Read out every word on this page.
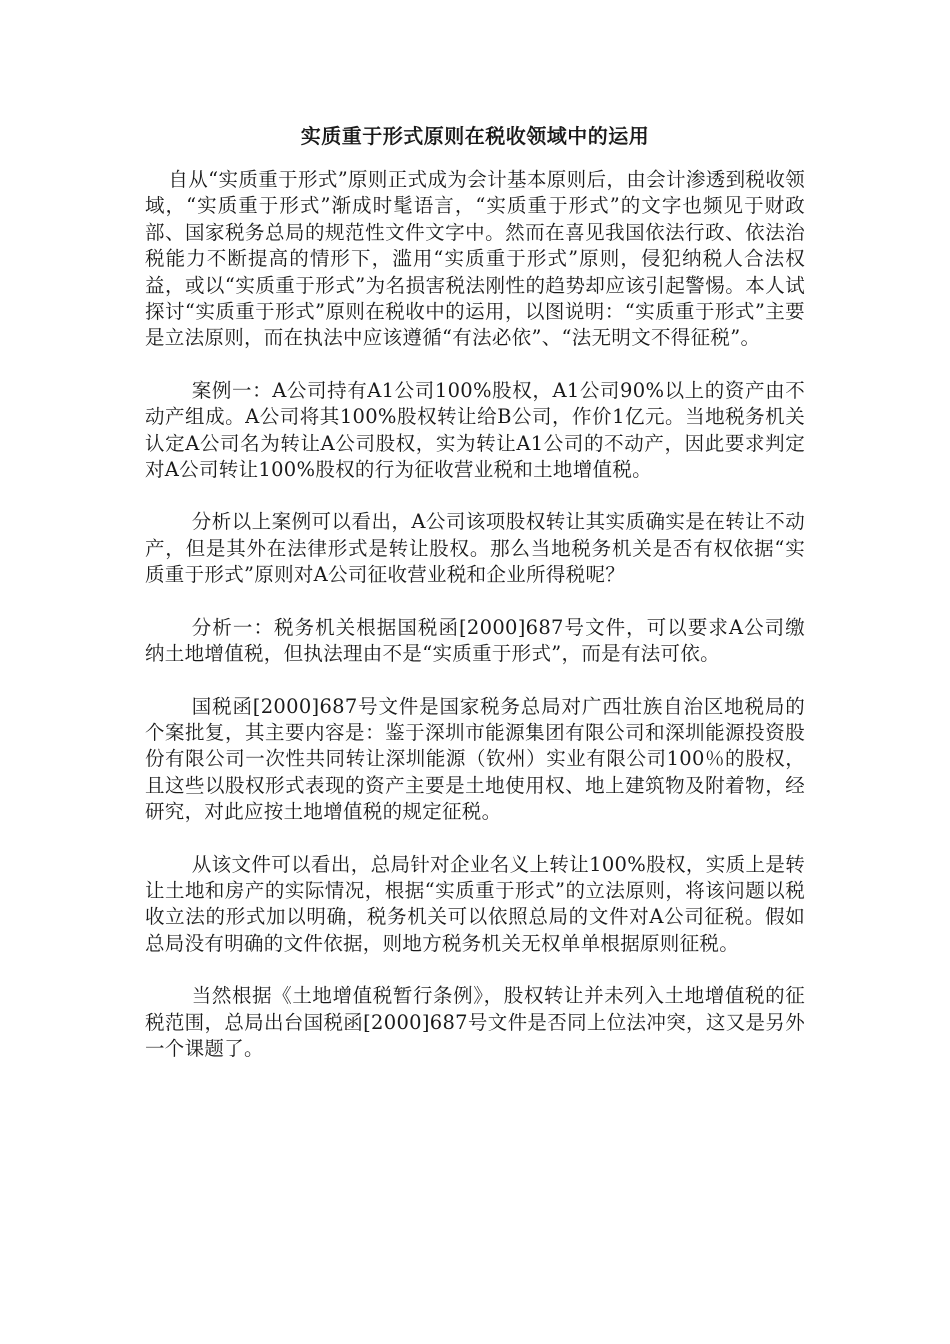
实质重于形式原则在税收领域中的运用

自从“实质重于形式”原则正式成为会计基本原则后，由会计渗透到税收领域，“实质重于形式”渐成时髦语言，“实质重于形式”的文字也频见于财政部、国家税务总局的规范性文件文字中。然而在喜见我国依法行政、依法治税能力不断提高的情形下，滥用“实质重于形式”原则，侵犯纳税人合法权益，或以“实质重于形式”为名损害税法刚性的趋势却应该引起警惕。本人试探讨“实质重于形式”原则在税收中的运用，以图说明：“实质重于形式”主要是立法原则，而在执法中应该遵循“有法必依”、“法无明文不得征税”。

案例一：A公司持有A1公司100%股权，A1公司90%以上的资产由不动产组成。A公司将其100%股权转让给B公司，作价1亿元。当地税务机关认定A公司名为转让A公司股权，实为转让A1公司的不动产，因此要求判定对A公司转让100%股权的行为征收营业税和土地增值税。

分析以上案例可以看出，A公司该项股权转让其实质确实是在转让不动产，但是其外在法律形式是转让股权。那么当地税务机关是否有权依据“实质重于形式”原则对A公司征收营业税和企业所得税呢？

分析一：税务机关根据国税函[2000]687号文件，可以要求A公司缴纳土地增值税，但执法理由不是“实质重于形式”，而是有法可依。

国税函[2000]687号文件是国家税务总局对广西壮族自治区地税局的个案批复，其主要内容是：鉴于深圳市能源集团有限公司和深圳能源投资股份有限公司一次性共同转让深圳能源（钦州）实业有限公司100％的股权，且这些以股权形式表现的资产主要是土地使用权、地上建筑物及附着物，经研究，对此应按土地增值税的规定征税。

从该文件可以看出，总局针对企业名义上转让100%股权，实质上是转让土地和房产的实际情况，根据“实质重于形式”的立法原则，将该问题以税收立法的形式加以明确，税务机关可以依照总局的文件对A公司征税。假如总局没有明确的文件依据，则地方税务机关无权单单根据原则征税。

当然根据《土地增值税暂行条例》，股权转让并未列入土地增值税的征税范围，总局出台国税函[2000]687号文件是否同上位法冲突，这又是另外一个课题了。
